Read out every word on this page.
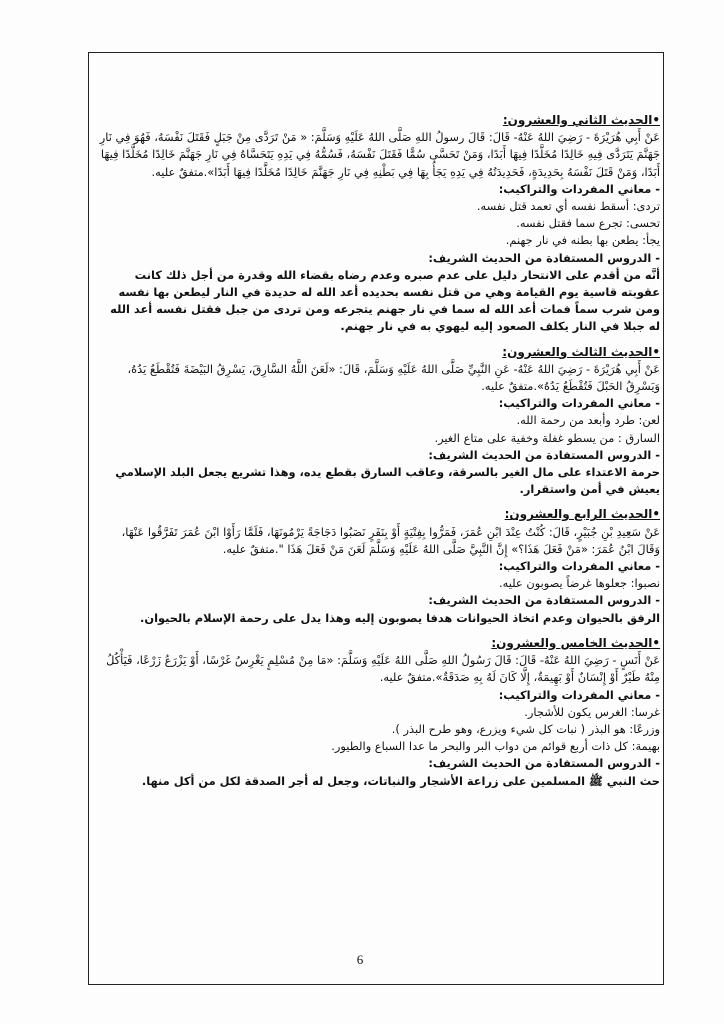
•الحديث الثاني والعشرون:
عَنْ أَبِي هُرَيْرَةَ - رَضِيَ اللهُ عَنْهُ- قَالَ: قَالَ رسولُ اللهِ صَلَّى اللهُ عَلَيْهِ وَسَلَّمَ: « مَنْ تَرَدَّى مِنْ جَبَلٍ فَقَتَلَ نَفْسَهُ، فَهُوَ فِي نَارِ جَهَنَّمَ يَتَرَدَّى فِيهِ خَالِدًا مُخَلَّدًا فِيهَا أَبَدًا، وَمَنْ تَحَسَّى سُمًّا فَقَتَلَ نَفْسَهُ، فَسُمُّهُ فِي يَدِهِ يَتَحَسَّاهُ فِي نَارِ جَهَنَّمَ خَالِدًا مُخَلَّدًا فِيهَا أَبَدًا، وَمَنْ قَتَلَ نَفْسَهُ بِحَدِيدَةٍ، فَحَدِيدَتُهُ فِي يَدِهِ يَجَأُ بِهَا فِي بَطْنِهِ فِي نَارِ جَهَنَّمَ خَالِدًا مُخَلَّدًا فِيهَا أَبَدًا».متفقٌ عليه.
- معاني المفردات والتراكيب:
تردى: أسقط نفسه أي تعمد قتل نفسه.
تحسى: تجرع سما فقتل نفسه.
يجأ: يطعن بها بطنه في نار جهنم.
- الدروس المستفادة من الحديث الشريف:
أنَّه من أقدم على الانتحار دليل على عدم صبره وعدم رضاه بقضاء الله وقدرة من أجل ذلك كانت عقوبته قاسية يوم القيامة وهي من قتل نفسه بحديده أعد الله له حديدة في النار ليطعن بها نفسه ومن شرب سماً فمات أعد الله له سما في نار جهنم يتجرعه ومن تردى من جبل فقتل نفسه أعد الله له جبلا في النار يكلف الصعود إليه ليهوي به في نار جهنم.
•الحديث الثالث والعشرون:
عَنْ أَبِي هُرَيْرَةَ - رَضِيَ اللهُ عَنْهُ- عَنِ النَّبِيِّ صَلَّى اللهُ عَلَيْهِ وَسَلَّمَ، قَالَ: «لَعَنَ اللَّهُ السَّارِقَ، يَسْرِقُ البَيْضَةَ فَتُقْطَعُ يَدُهُ، وَيَسْرِقُ الحَبْلَ فَتُقْطَعُ يَدُهُ».متفقٌ عليه.
- معاني المفردات والتراكيب:
لعن: طرد وأبعد من رحمة الله.
السارق : من يسطو غفلة وخفية على متاع الغير.
- الدروس المستفادة من الحديث الشريف:
حرمة الاعتداء على مال الغير بالسرقة، وعاقب السارق بقطع يده، وهذا تشريع يجعل البلد الإسلامي يعيش في أمن واستقرار.
•الحديث الرابع والعشرون:
عَنْ سَعِيدِ بْنِ جُبَيْرٍ، قَالَ: كُنْتُ عِنْدَ ابْنِ عُمَرَ، فَمَرُّوا بِفِتْيَةٍ أَوْ بِنَفَرٍ نَصَبُوا دَجَاجَةً يَرْمُونَهَا، فَلَمَّا رَأَوْا ابْنَ عُمَرَ تَفَرَّقُوا عَنْهَا، وَقَالَ ابْنُ عُمَرَ: «مَنْ فَعَلَ هَذَا؟» إِنَّ النَّبِيَّ صَلَّى اللهُ عَلَيْهِ وَسَلَّمَ لَعَنَ مَنْ فَعَلَ هَذَا ".متفقٌ عليه.
- معاني المفردات والتراكيب:
نصبوا: جعلوها غرضاً يصوبون عليه.
- الدروس المستفادة من الحديث الشريف:
الرفق بالحيوان وعدم اتخاذ الحيوانات هدفا يصوبون إليه وهذا يدل على رحمة الإسلام بالحيوان.
•الحديث الخامس والعشرون:
عَنْ أَنَسٍ - رَضِيَ اللهُ عَنْهُ- قَالَ: قَالَ رَسُولُ اللهِ صَلَّى اللهُ عَلَيْهِ وَسَلَّمَ: «مَا مِنْ مُسْلِمٍ يَغْرِسُ غَرْسًا، أَوْ يَزْرَعُ زَرْعًا، فَيَأْكُلُ مِنْهُ طَيْرٌ أَوْ إِنْسَانٌ أَوْ بَهِيمَةٌ، إِلَّا كَانَ لَهُ بِهِ صَدَقَةٌ».متفقٌ عليه.
- معاني المفردات والتراكيب:
غرسا: الغرس يكون للأشجار.
وزرعًا: هو البذر ( نبات كل شيء ويزرع، وهو طرح البذر ).
بهيمة: كل ذات أربع قوائم من دواب البر والبحر ما عدا السباع والطيور.
- الدروس المستفادة من الحديث الشريف:
حث النبي ﷺ المسلمين على زراعة الأشجار والنباتات، وجعل له أجر الصدقة لكل من أكل منها.
6
